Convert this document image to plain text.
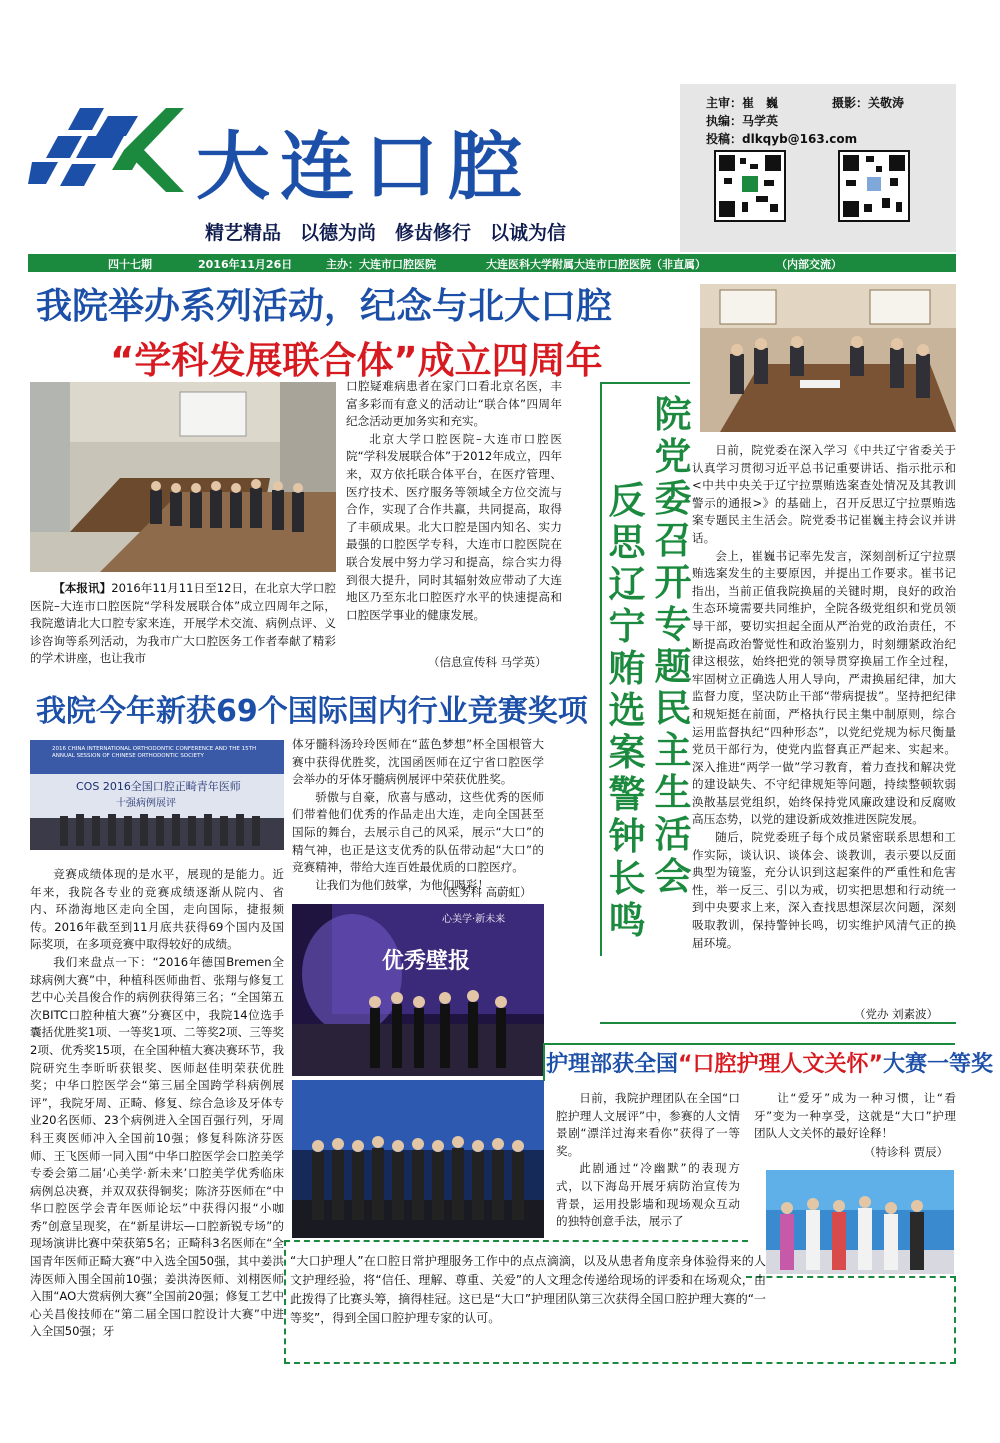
大连口腔
精艺精品　以德为尚　修齿修行　以诚为信
主审：崔　巍	摄影：关敬涛
执编：马学英
投稿：dlkqyb@163.com
四十七期	2016年11月26日	主办：大连市口腔医院	大连医科大学附属大连市口腔医院（非直属）	（内部交流）
我院举办系列活动，纪念与北大口腔
“学科发展联合体”成立四周年

【本报讯】2016年11月11日至12日，在北京大学口腔医院–大连市口腔医院“学科发展联合体”成立四周年之际，我院邀请北大口腔专家来连，开展学术交流、病例点评、义诊咨询等系列活动，为我市广大口腔医务工作者奉献了精彩的学术讲座，也让我市

口腔疑难病患者在家门口看北京名医，丰富多彩而有意义的活动让“联合体”四周年纪念活动更加务实和充实。

北京大学口腔医院–大连市口腔医院“学科发展联合体”于2012年成立，四年来，双方依托联合体平台，在医疗管理、医疗技术、医疗服务等领域全方位交流与合作，实现了合作共赢，共同提高，取得了丰硕成果。北大口腔是国内知名、实力最强的口腔医学专科，大连市口腔医院在联合发展中努力学习和提高，综合实力得到很大提升，同时其辐射效应带动了大连地区乃至东北口腔医疗水平的快速提高和口腔医学事业的健康发展。

（信息宣传科 马学英）
院党委召开专题民主生活会
反思辽宁贿选案警钟长鸣

日前，院党委在深入学习《中共辽宁省委关于认真学习贯彻习近平总书记重要讲话、指示批示和<中共中央关于辽宁拉票贿选案查处情况及其教训警示的通报>》的基础上，召开反思辽宁拉票贿选案专题民主生活会。院党委书记崔巍主持会议并讲话。

会上，崔巍书记率先发言，深刻剖析辽宁拉票贿选案发生的主要原因，并提出工作要求。崔书记指出，当前正值我院换届的关键时期，良好的政治生态环境需要共同维护，全院各级党组织和党员领导干部，要切实担起全面从严治党的政治责任，不断提高政治警觉性和政治鉴别力，时刻绷紧政治纪律这根弦，始终把党的领导贯穿换届工作全过程，牢固树立正确选人用人导向，严肃换届纪律，加大监督力度，坚决防止干部“带病提拔”。坚持把纪律和规矩挺在前面，严格执行民主集中制原则，综合运用监督执纪“四种形态”，以党纪党规为标尺衡量党员干部行为，使党内监督真正严起来、实起来。深入推进“两学一做”学习教育，着力查找和解决党的建设缺失、不守纪律规矩等问题，持续整顿软弱涣散基层党组织，始终保持党风廉政建设和反腐败高压态势，以党的建设新成效推进医院发展。

随后，院党委班子每个成员紧密联系思想和工作实际，谈认识、谈体会、谈教训，表示要以反面典型为镜鉴，充分认识到这起案件的严重性和危害性，举一反三、引以为戒，切实把思想和行动统一到中央要求上来，深入查找思想深层次问题，深刻吸取教训，保持警钟长鸣，切实维护风清气正的换届环境。

（党办 刘素波）
我院今年新获69个国际国内行业竞赛奖项
2016 CHINA INTERNATIONAL ORTHODONTIC CONFERENCE AND THE 15TH ANNUAL SESSION OF CHINESE ORTHODONTIC SOCIETY
COS 2016全国口腔正畸青年医师
十强病例展评

竞赛成绩体现的是水平，展现的是能力。近年来，我院各专业的竞赛成绩逐渐从院内、省内、环渤海地区走向全国，走向国际，捷报频传。2016年截至到11月底共获得69个国内及国际奖项，在多项竞赛中取得较好的成绩。

我们来盘点一下：“2016年德国Bremen全球病例大赛”中，种植科医师曲哲、张翔与修复工艺中心关昌俊合作的病例获得第三名；“全国第五次BITC口腔种植大赛”分赛区中，我院14位选手囊括优胜奖1项、一等奖1项、二等奖2项、三等奖2项、优秀奖15项，在全国种植大赛决赛环节，我院研究生李昕昕获银奖、医师赵佳明荣获优胜奖；中华口腔医学会“第三届全国跨学科病例展评”，我院牙周、正畸、修复、综合急诊及牙体专业20名医师、23个病例进入全国百强行列，牙周科王爽医师冲入全国前10强；修复科陈济芬医师、王飞医师一同入围“中华口腔医学会口腔美学专委会第二届‘心美学·新未来’口腔美学优秀临床病例总决赛，并双双获得铜奖；陈济芬医师在“中华口腔医学会青年医师论坛”中获得闪报“小咖秀”创意呈现奖，在“新星讲坛—口腔新锐专场”的现场演讲比赛中荣获第5名；正畸科3名医师在“全国青年医师正畸大赛”中入选全国50强，其中姜洪涛医师入围全国前10强；姜洪涛医师、刘栩医师入围“AO大赏病例大赛”全国前20强；修复工艺中心关昌俊技师在“第二届全国口腔设计大赛”中进入全国50强；牙

体牙髓科汤玲玲医师在“蓝色梦想”杯全国根管大赛中获得优胜奖，沈国函医师在辽宁省口腔医学会举办的牙体牙髓病例展评中荣获优胜奖。

骄傲与自豪，欣喜与感动，这些优秀的医师们带着他们优秀的作品走出大连，走向全国甚至国际的舞台，去展示自己的风采，展示“大口”的精气神，也正是这支优秀的队伍带动起“大口”的竞赛精神，带给大连百姓最优质的口腔医疗。

让我们为他们鼓掌，为他们喝彩！

（医务科 高蔚虹）
优秀壁报
心美学·新未来
护理部获全国“口腔护理人文关怀”大赛一等奖

日前，我院护理团队在全国“口腔护理人文展评”中，参赛的人文情景剧“漂洋过海来看你”获得了一等奖。

此剧通过“冷幽默”的表现方式，以下海岛开展牙病防治宣传为背景，运用投影墙和现场观众互动的独特创意手法，展示了

让“爱牙”成为一种习惯，让“看牙”变为一种享受，这就是“大口”护理团队人文关怀的最好诠释！

（特诊科 贾辰）

“大口护理人”在口腔日常护理服务工作中的点点滴滴，以及从患者角度亲身体验得来的人文护理经验，将“信任、理解、尊重、关爱”的人文理念传递给现场的评委和在场观众，由此拨得了比赛头筹，摘得桂冠。这已是“大口”护理团队第三次获得全国口腔护理大赛的“一等奖”，得到全国口腔护理专家的认可。
